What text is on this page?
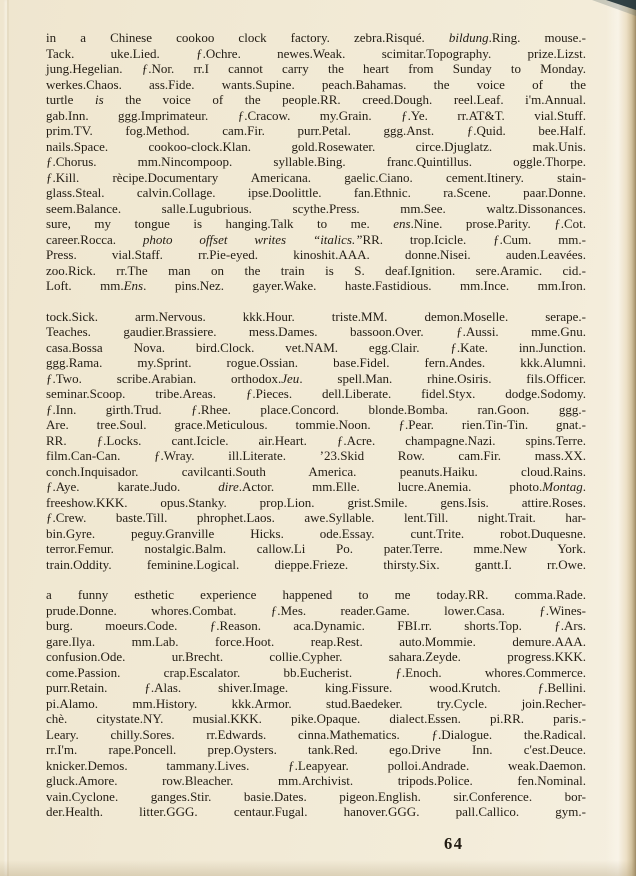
in a Chinese cookoo clock factory. zebra.Risqué. bildung.Ring. mouse.-
Tack. uke.Lied. ƒ.Ochre. newes.Weak. scimitar.Topography. prize.Lizst.
jung.Hegelian. ƒ.Nor. rr.I cannot carry the heart from Sunday to Monday.
werkes.Chaos. ass.Fide. wants.Supine. peach.Bahamas. the voice of the
turtle is the voice of the people.RR. creed.Dough. reel.Leaf. i'm.Annual.
gab.Inn. ggg.Imprimateur. ƒ.Cracow. my.Grain. ƒ.Ye. rr.AT&T. vial.Stuff.
prim.TV. fog.Method. cam.Fir. purr.Petal. ggg.Anst. ƒ.Quid. bee.Half.
nails.Space. cookoo-clock.Klan. gold.Rosewater. circe.Djuglatz. mak.Unis.
ƒ.Chorus. mm.Nincompoop. syllable.Bing. franc.Quintillus. oggle.Thorpe.
ƒ.Kill. rècipe.Documentary Americana. gaelic.Ciano. cement.Itinery. stain-
glass.Steal. calvin.Collage. ipse.Doolittle. fan.Ethnic. ra.Scene. paar.Donne.
seem.Balance. salle.Lugubrious. scythe.Press. mm.See. waltz.Dissonances.
sure, my tongue is hanging.Talk to me. ens.Nine. prose.Parity. ƒ.Cot.
career.Rocca. photo offset writes “italics.”RR. trop.Icicle. ƒ.Cum. mm.-
Press. vial.Staff. rr.Pie-eyed. kinoshit.AAA. donne.Nisei. auden.Leavées.
zoo.Rick. rr.The man on the train is S. deaf.Ignition. sere.Aramic. cid.-
Loft. mm.Ens. pins.Nez. gayer.Wake. haste.Fastidious. mm.Ince. mm.Iron.
tock.Sick. arm.Nervous. kkk.Hour. triste.MM. demon.Moselle. serape.-
Teaches. gaudier.Brassiere. mess.Dames. bassoon.Over. ƒ.Aussi. mme.Gnu.
casa.Bossa Nova. bird.Clock. vet.NAM. egg.Clair. ƒ.Kate. inn.Junction.
ggg.Rama. my.Sprint. rogue.Ossian. base.Fidel. fern.Andes. kkk.Alumni.
ƒ.Two. scribe.Arabian. orthodox.Jeu. spell.Man. rhine.Osiris. fils.Officer.
seminar.Scoop. tribe.Areas. ƒ.Pieces. dell.Liberate. fidel.Styx. dodge.Sodomy.
ƒ.Inn. girth.Trud. ƒ.Rhee. place.Concord. blonde.Bomba. ran.Goon. ggg.-
Are. tree.Soul. grace.Meticulous. tommie.Noon. ƒ.Pear. rien.Tin-Tin. gnat.-
RR. ƒ.Locks. cant.Icicle. air.Heart. ƒ.Acre. champagne.Nazi. spins.Terre.
film.Can-Can. ƒ.Wray. ill.Literate. ’23.Skid Row. cam.Fir. mass.XX.
conch.Inquisador. cavilcanti.South America. peanuts.Haiku. cloud.Rains.
ƒ.Aye. karate.Judo. dire.Actor. mm.Elle. lucre.Anemia. photo.Montag.
freeshow.KKK. opus.Stanky. prop.Lion. grist.Smile. gens.Isis. attire.Roses.
ƒ.Crew. baste.Till. phrophet.Laos. awe.Syllable. lent.Till. night.Trait. har-
bin.Gyre. peguy.Granville Hicks. ode.Essay. cunt.Trite. robot.Duquesne.
terror.Femur. nostalgic.Balm. callow.Li Po. pater.Terre. mme.New York.
train.Oddity. feminine.Logical. dieppe.Frieze. thirsty.Six. gantt.I. rr.Owe.
a funny esthetic experience happened to me today.RR. comma.Rade.
prude.Donne. whores.Combat. ƒ.Mes. reader.Game. lower.Casa. ƒ.Wines-
burg. moeurs.Code. ƒ.Reason. aca.Dynamic. FBI.rr. shorts.Top. ƒ.Ars.
gare.Ilya. mm.Lab. force.Hoot. reap.Rest. auto.Mommie. demure.AAA.
confusion.Ode. ur.Brecht. collie.Cypher. sahara.Zeyde. progress.KKK.
come.Passion. crap.Escalator. bb.Eucherist. ƒ.Enoch. whores.Commerce.
purr.Retain. ƒ.Alas. shiver.Image. king.Fissure. wood.Krutch. ƒ.Bellini.
pi.Alamo. mm.History. kkk.Armor. stud.Baedeker. try.Cycle. join.Recher-
chè. citystate.NY. musial.KKK. pike.Opaque. dialect.Essen. pi.RR. paris.-
Leary. chilly.Sores. rr.Edwards. cinna.Mathematics. ƒ.Dialogue. the.Radical.
rr.I'm. rape.Poncell. prep.Oysters. tank.Red. ego.Drive Inn. c'est.Deuce.
knicker.Demos. tammany.Lives. ƒ.Leapyear. polloi.Andrade. weak.Daemon.
gluck.Amore. row.Bleacher. mm.Archivist. tripods.Police. fen.Nominal.
vain.Cyclone. ganges.Stir. basie.Dates. pigeon.English. sir.Conference. bor-
der.Health. litter.GGG. centaur.Fugal. hanover.GGG. pall.Callico. gym.-
64
